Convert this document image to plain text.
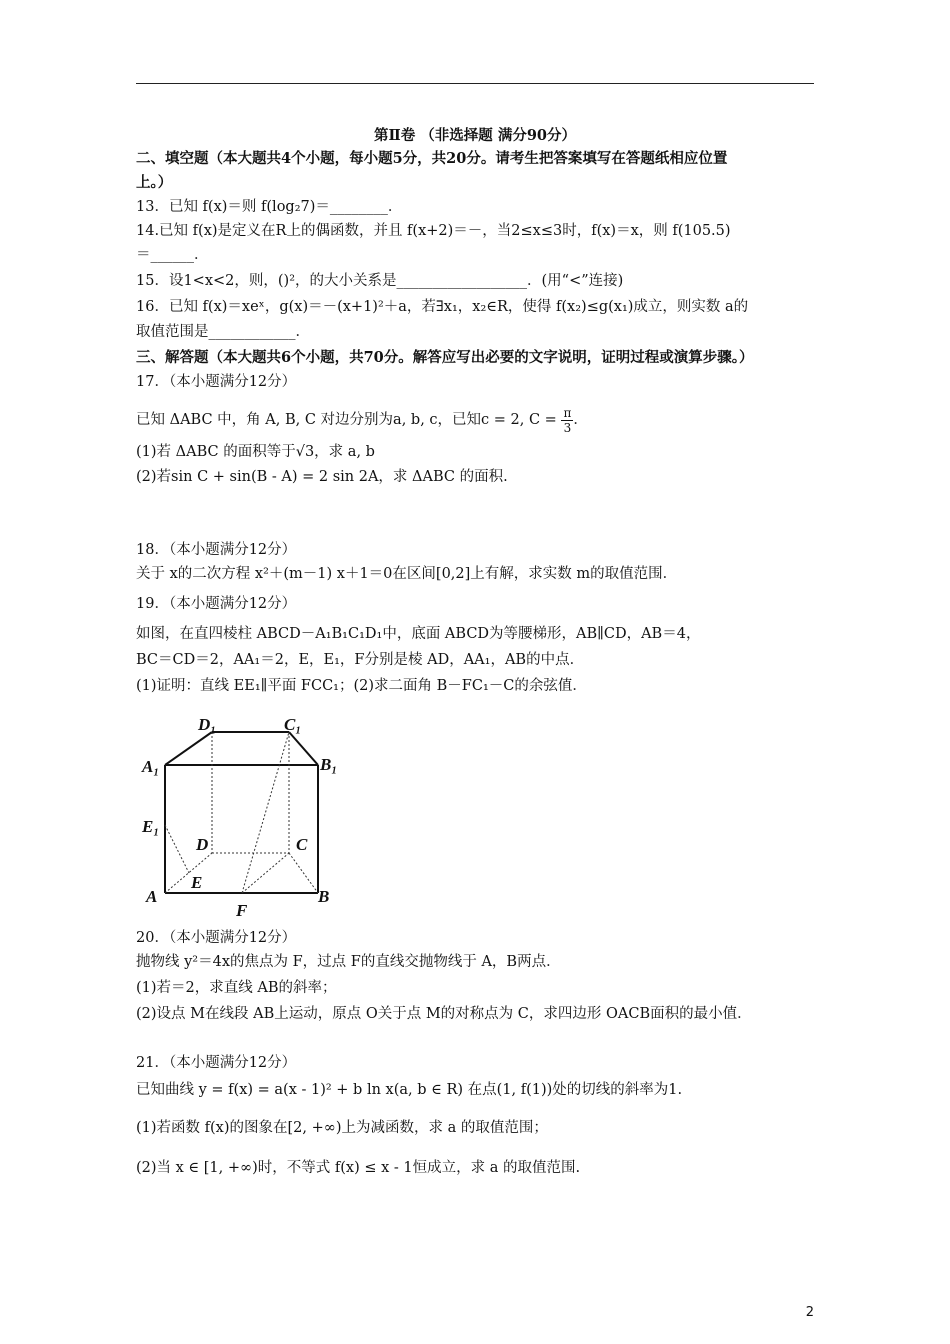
第Ⅱ卷 （非选择题 满分90分）
二、填空题（本大题共4个小题，每小题5分，共20分。请考生把答案填写在答题纸相应位置
上。）
13．已知 f(x)＝则 f(log₂7)＝________．
14.已知 f(x)是定义在R上的偶函数，并且 f(x+2)＝－，当2≤x≤3时，f(x)＝x，则 f(105.5)
＝______．
15．设1<x<2，则，()²，的大小关系是__________________．(用“<”连接)
16．已知 f(x)＝xeˣ，g(x)＝－(x+1)²＋a，若∃x₁，x₂∈R，使得 f(x₂)≤g(x₁)成立，则实数 a的
取值范围是____________．
三、解答题（本大题共6个小题，共70分。解答应写出必要的文字说明，证明过程或演算步骤。）
17．（本小题满分12分）
已知 ΔABC 中，角 A, B, C 对边分别为a, b, c，已知c = 2, $C = \frac{\pi}{3}$ ．
(1)若 ΔABC 的面积等于√3，求 a, b
(2)若sin C + sin(B - A) = 2 sin 2A，求 ΔABC 的面积.
18．（本小题满分12分）
关于 x的二次方程 x²＋(m－1) x＋1＝0在区间[0,2]上有解，求实数 m的取值范围．
19．（本小题满分12分）
如图，在直四棱柱 ABCD－A₁B₁C₁D₁中，底面 ABCD为等腰梯形，AB∥CD，AB＝4，
BC＝CD＝2，AA₁＝2，E，E₁，F分别是棱 AD，AA₁，AB的中点．
(1)证明：直线 EE₁∥平面 FCC₁；(2)求二面角 B－FC₁－C的余弦值．
20．（本小题满分12分）
抛物线 y²＝4x的焦点为 F，过点 F的直线交抛物线于 A，B两点．
(1)若＝2，求直线 AB的斜率；
(2)设点 M在线段 AB上运动，原点 O关于点 M的对称点为 C，求四边形 OACB面积的最小值．
21．（本小题满分12分）
已知曲线 y = f(x) = a(x - 1)² + b ln x(a, b ∈ R) 在点(1, f(1))处的切线的斜率为1.
(1)若函数 f(x)的图象在[2, +∞)上为减函数，求 a 的取值范围；
(2)当 x ∈ [1, +∞)时，不等式 f(x) ≤ x - 1恒成立，求 a 的取值范围.
D₁	C₁
A₁	B₁
E₁
D	C
E
A	B
F
2
